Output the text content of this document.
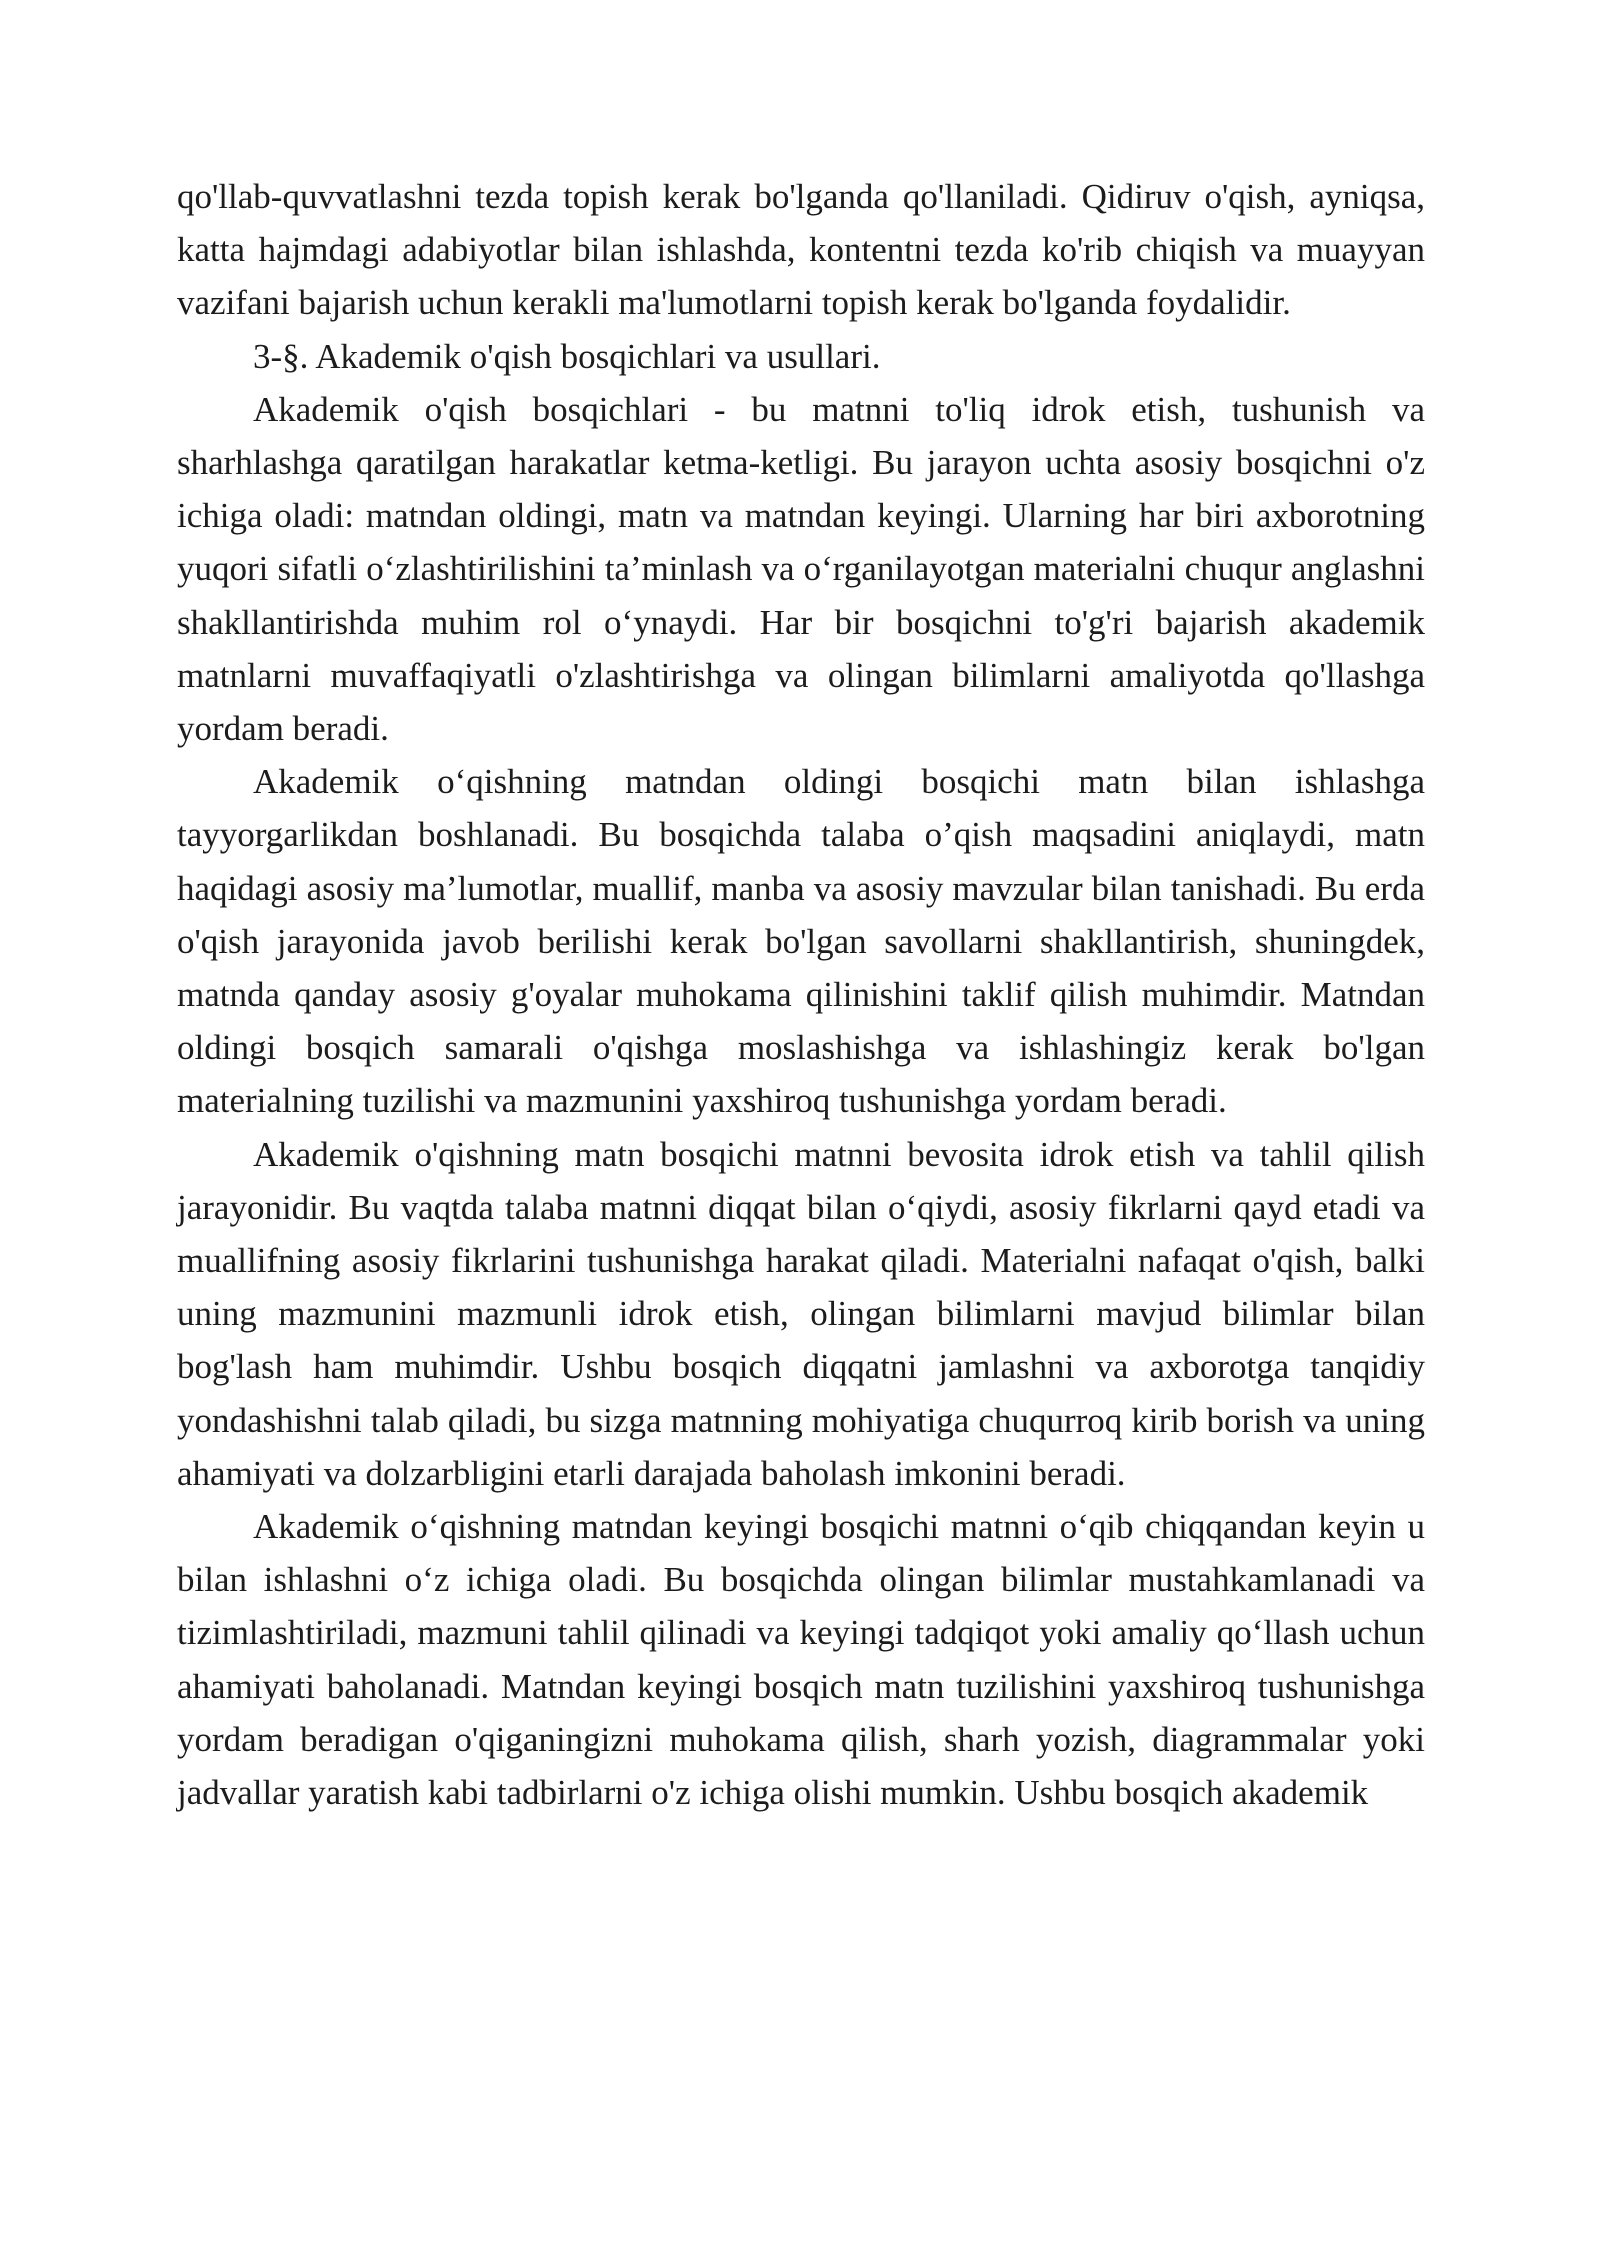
qo'llab-quvvatlashni tezda topish kerak bo'lganda qo'llaniladi. Qidiruv o'qish, ayniqsa, katta hajmdagi adabiyotlar bilan ishlashda, kontentni tezda ko'rib chiqish va muayyan vazifani bajarish uchun kerakli ma'lumotlarni topish kerak bo'lganda foydalidir.

3-§. Akademik o'qish bosqichlari va usullari.

Akademik o'qish bosqichlari - bu matnni to'liq idrok etish, tushunish va sharhlashga qaratilgan harakatlar ketma-ketligi. Bu jarayon uchta asosiy bosqichni o'z ichiga oladi: matndan oldingi, matn va matndan keyingi. Ularning har biri axborotning yuqori sifatli o‘zlashtirilishini ta’minlash va o‘rganilayotgan materialni chuqur anglashni shakllantirishda muhim rol o‘ynaydi. Har bir bosqichni to'g'ri bajarish akademik matnlarni muvaffaqiyatli o'zlashtirishga va olingan bilimlarni amaliyotda qo'llashga yordam beradi.

Akademik o‘qishning matndan oldingi bosqichi matn bilan ishlashga tayyorgarlikdan boshlanadi. Bu bosqichda talaba o’qish maqsadini aniqlaydi, matn haqidagi asosiy ma’lumotlar, muallif, manba va asosiy mavzular bilan tanishadi. Bu erda o'qish jarayonida javob berilishi kerak bo'lgan savollarni shakllantirish, shuningdek, matnda qanday asosiy g'oyalar muhokama qilinishini taklif qilish muhimdir. Matndan oldingi bosqich samarali o'qishga moslashishga va ishlashingiz kerak bo'lgan materialning tuzilishi va mazmunini yaxshiroq tushunishga yordam beradi.

Akademik o'qishning matn bosqichi matnni bevosita idrok etish va tahlil qilish jarayonidir. Bu vaqtda talaba matnni diqqat bilan o‘qiydi, asosiy fikrlarni qayd etadi va muallifning asosiy fikrlarini tushunishga harakat qiladi. Materialni nafaqat o'qish, balki uning mazmunini mazmunli idrok etish, olingan bilimlarni mavjud bilimlar bilan bog'lash ham muhimdir. Ushbu bosqich diqqatni jamlashni va axborotga tanqidiy yondashishni talab qiladi, bu sizga matnning mohiyatiga chuqurroq kirib borish va uning ahamiyati va dolzarbligini etarli darajada baholash imkonini beradi.

Akademik o‘qishning matndan keyingi bosqichi matnni o‘qib chiqqandan keyin u bilan ishlashni o‘z ichiga oladi. Bu bosqichda olingan bilimlar mustahkamlanadi va tizimlashtiriladi, mazmuni tahlil qilinadi va keyingi tadqiqot yoki amaliy qo‘llash uchun ahamiyati baholanadi. Matndan keyingi bosqich matn tuzilishini yaxshiroq tushunishga yordam beradigan o'qiganingizni muhokama qilish, sharh yozish, diagrammalar yoki jadvallar yaratish kabi tadbirlarni o'z ichiga olishi mumkin. Ushbu bosqich akademik
